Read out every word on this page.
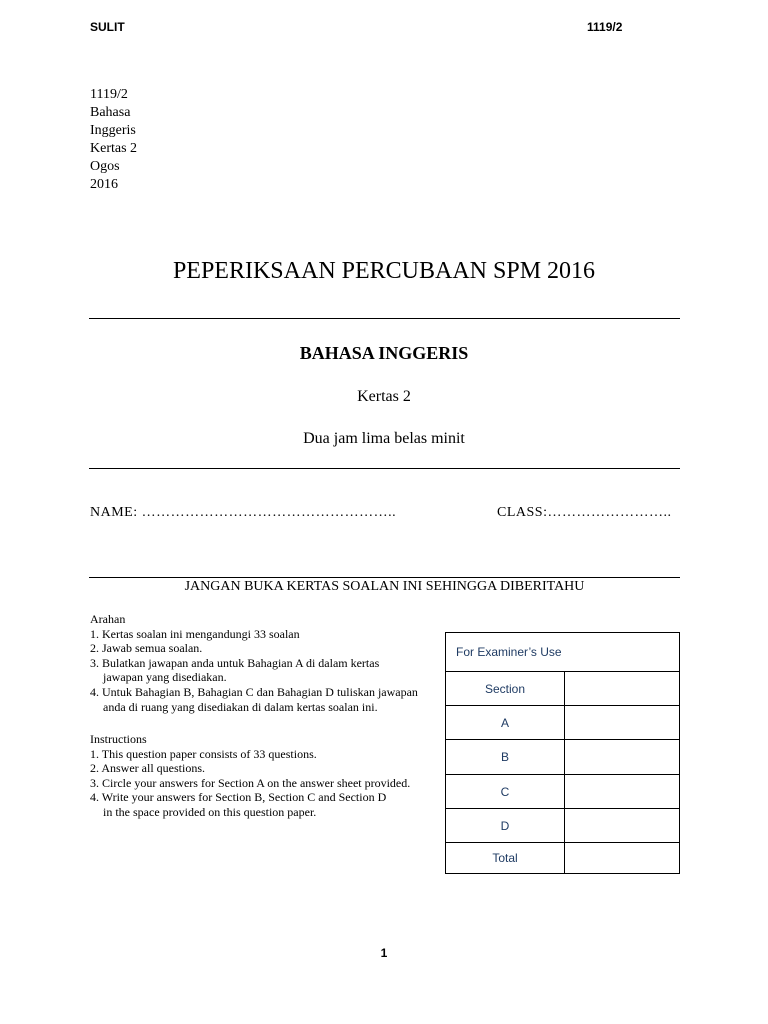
SULIT	1119/2
1119/2
Bahasa
Inggeris
Kertas 2
Ogos
2016
PEPERIKSAAN PERCUBAAN SPM 2016
BAHASA INGGERIS
Kertas 2
Dua jam lima belas minit
NAME: ……………………………………………..	CLASS:……………………..
JANGAN BUKA KERTAS SOALAN INI SEHINGGA DIBERITAHU
Arahan
1. Kertas soalan ini mengandungi 33 soalan
2. Jawab semua soalan.
3. Bulatkan jawapan anda untuk Bahagian A di dalam kertas
jawapan yang disediakan.
4. Untuk Bahagian B, Bahagian C dan Bahagian D tuliskan jawapan
anda di ruang yang disediakan di dalam kertas soalan ini.
Instructions
1. This question paper consists of 33 questions.
2. Answer all questions.
3. Circle your answers for Section A on the answer sheet provided.
4. Write your answers for Section B, Section C and Section D
in the space provided on this question paper.
For Examiner’s Use	
Section	
A	
B	
C	
D	
Total	
1
